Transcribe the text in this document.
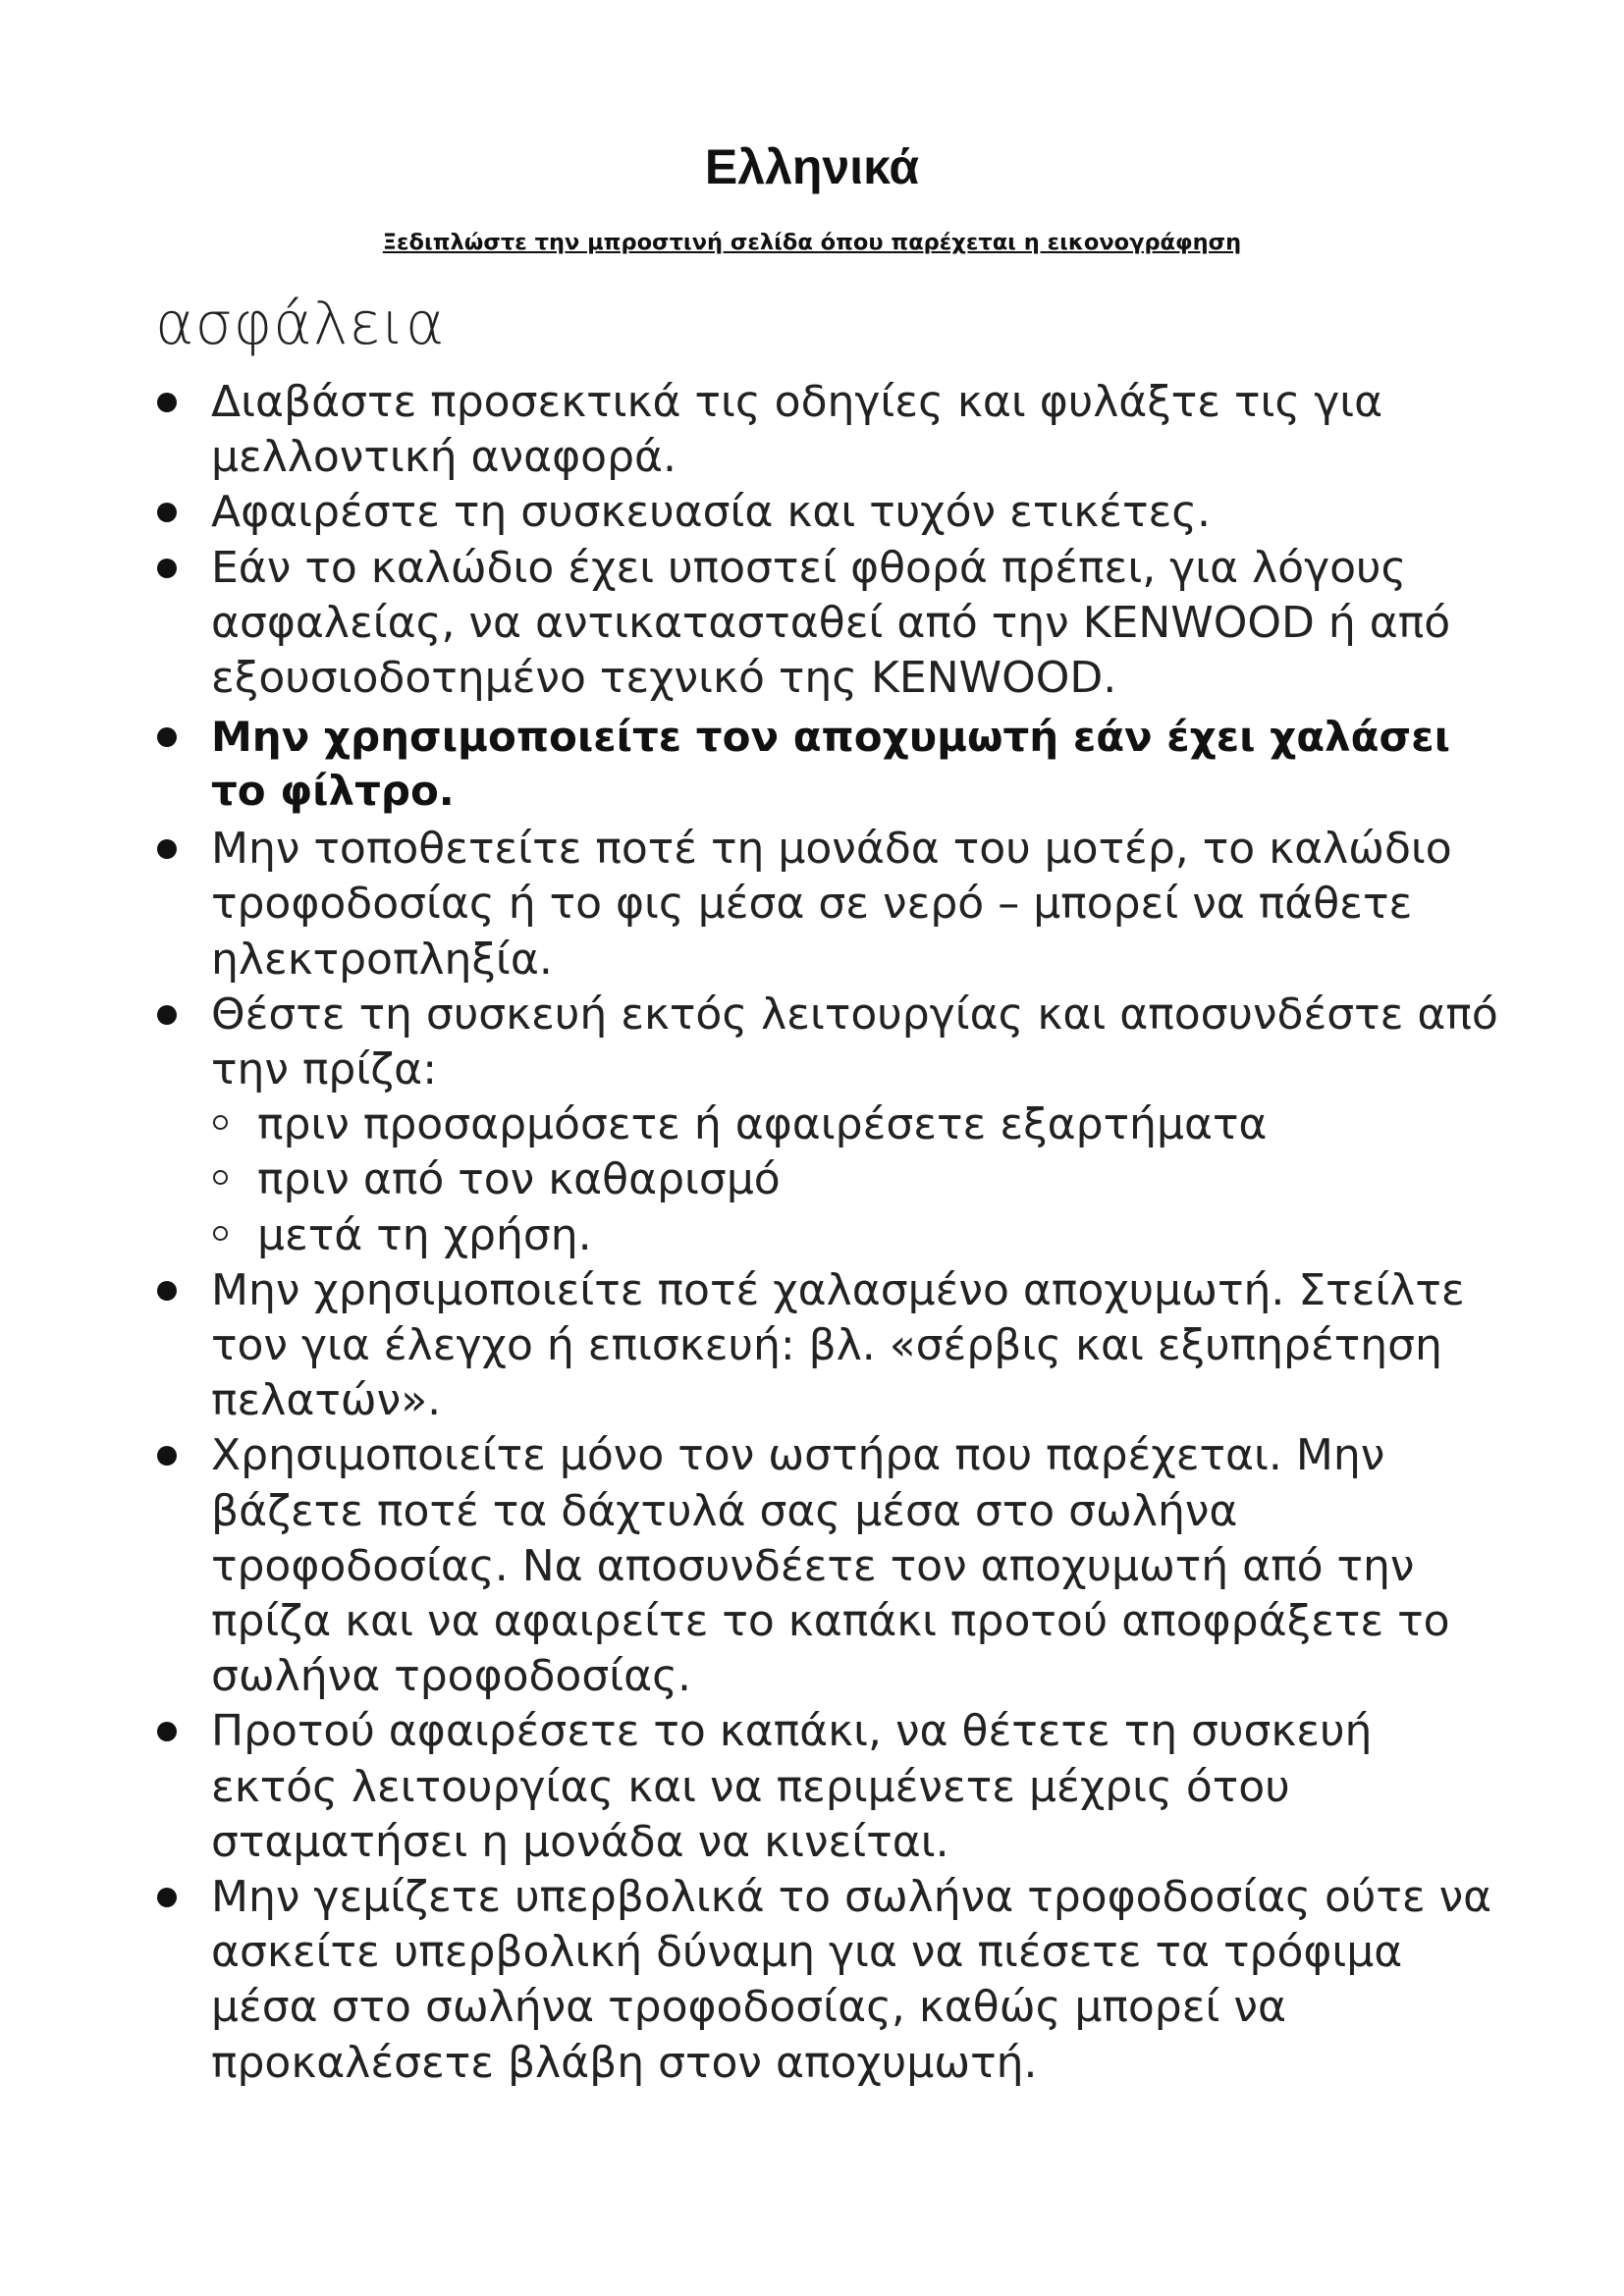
Ελληνικά

Ξεδιπλώστε την μπροστινή σελίδα όπου παρέχεται η εικονογράφηση

ασφάλεια
Διαβάστε προσεκτικά τις οδηγίες και φυλάξτε τις για μελλοντική αναφορά.
Αφαιρέστε τη συσκευασία και τυχόν ετικέτες.
Εάν το καλώδιο έχει υποστεί φθορά πρέπει, για λόγους ασφαλείας, να αντικατασταθεί από την KENWOOD ή από εξουσιοδοτημένο τεχνικό της KENWOOD.
Μην χρησιμοποιείτε τον αποχυμωτή εάν έχει χαλάσει το φίλτρο.
Μην τοποθετείτε ποτέ τη μονάδα του μοτέρ, το καλώδιο τροφοδοσίας ή το φις μέσα σε νερό – μπορεί να πάθετε ηλεκτροπληξία.
Θέστε τη συσκευή εκτός λειτουργίας και αποσυνδέστε από την πρίζα:
πριν προσαρμόσετε ή αφαιρέσετε εξαρτήματα
πριν από τον καθαρισμό
μετά τη χρήση.
Μην χρησιμοποιείτε ποτέ χαλασμένο αποχυμωτή. Στείλτε τον για έλεγχο ή επισκευή: βλ. «σέρβις και εξυπηρέτηση πελατών».
Χρησιμοποιείτε μόνο τον ωστήρα που παρέχεται. Μην βάζετε ποτέ τα δάχτυλά σας μέσα στο σωλήνα τροφοδοσίας. Να αποσυνδέετε τον αποχυμωτή από την πρίζα και να αφαιρείτε το καπάκι προτού αποφράξετε το σωλήνα τροφοδοσίας.
Προτού αφαιρέσετε το καπάκι, να θέτετε τη συσκευή εκτός λειτουργίας και να περιμένετε μέχρις ότου σταματήσει η μονάδα να κινείται.
Μην γεμίζετε υπερβολικά το σωλήνα τροφοδοσίας ούτε να ασκείτε υπερβολική δύναμη για να πιέσετε τα τρόφιμα μέσα στο σωλήνα τροφοδοσίας, καθώς μπορεί να προκαλέσετε βλάβη στον αποχυμωτή.
